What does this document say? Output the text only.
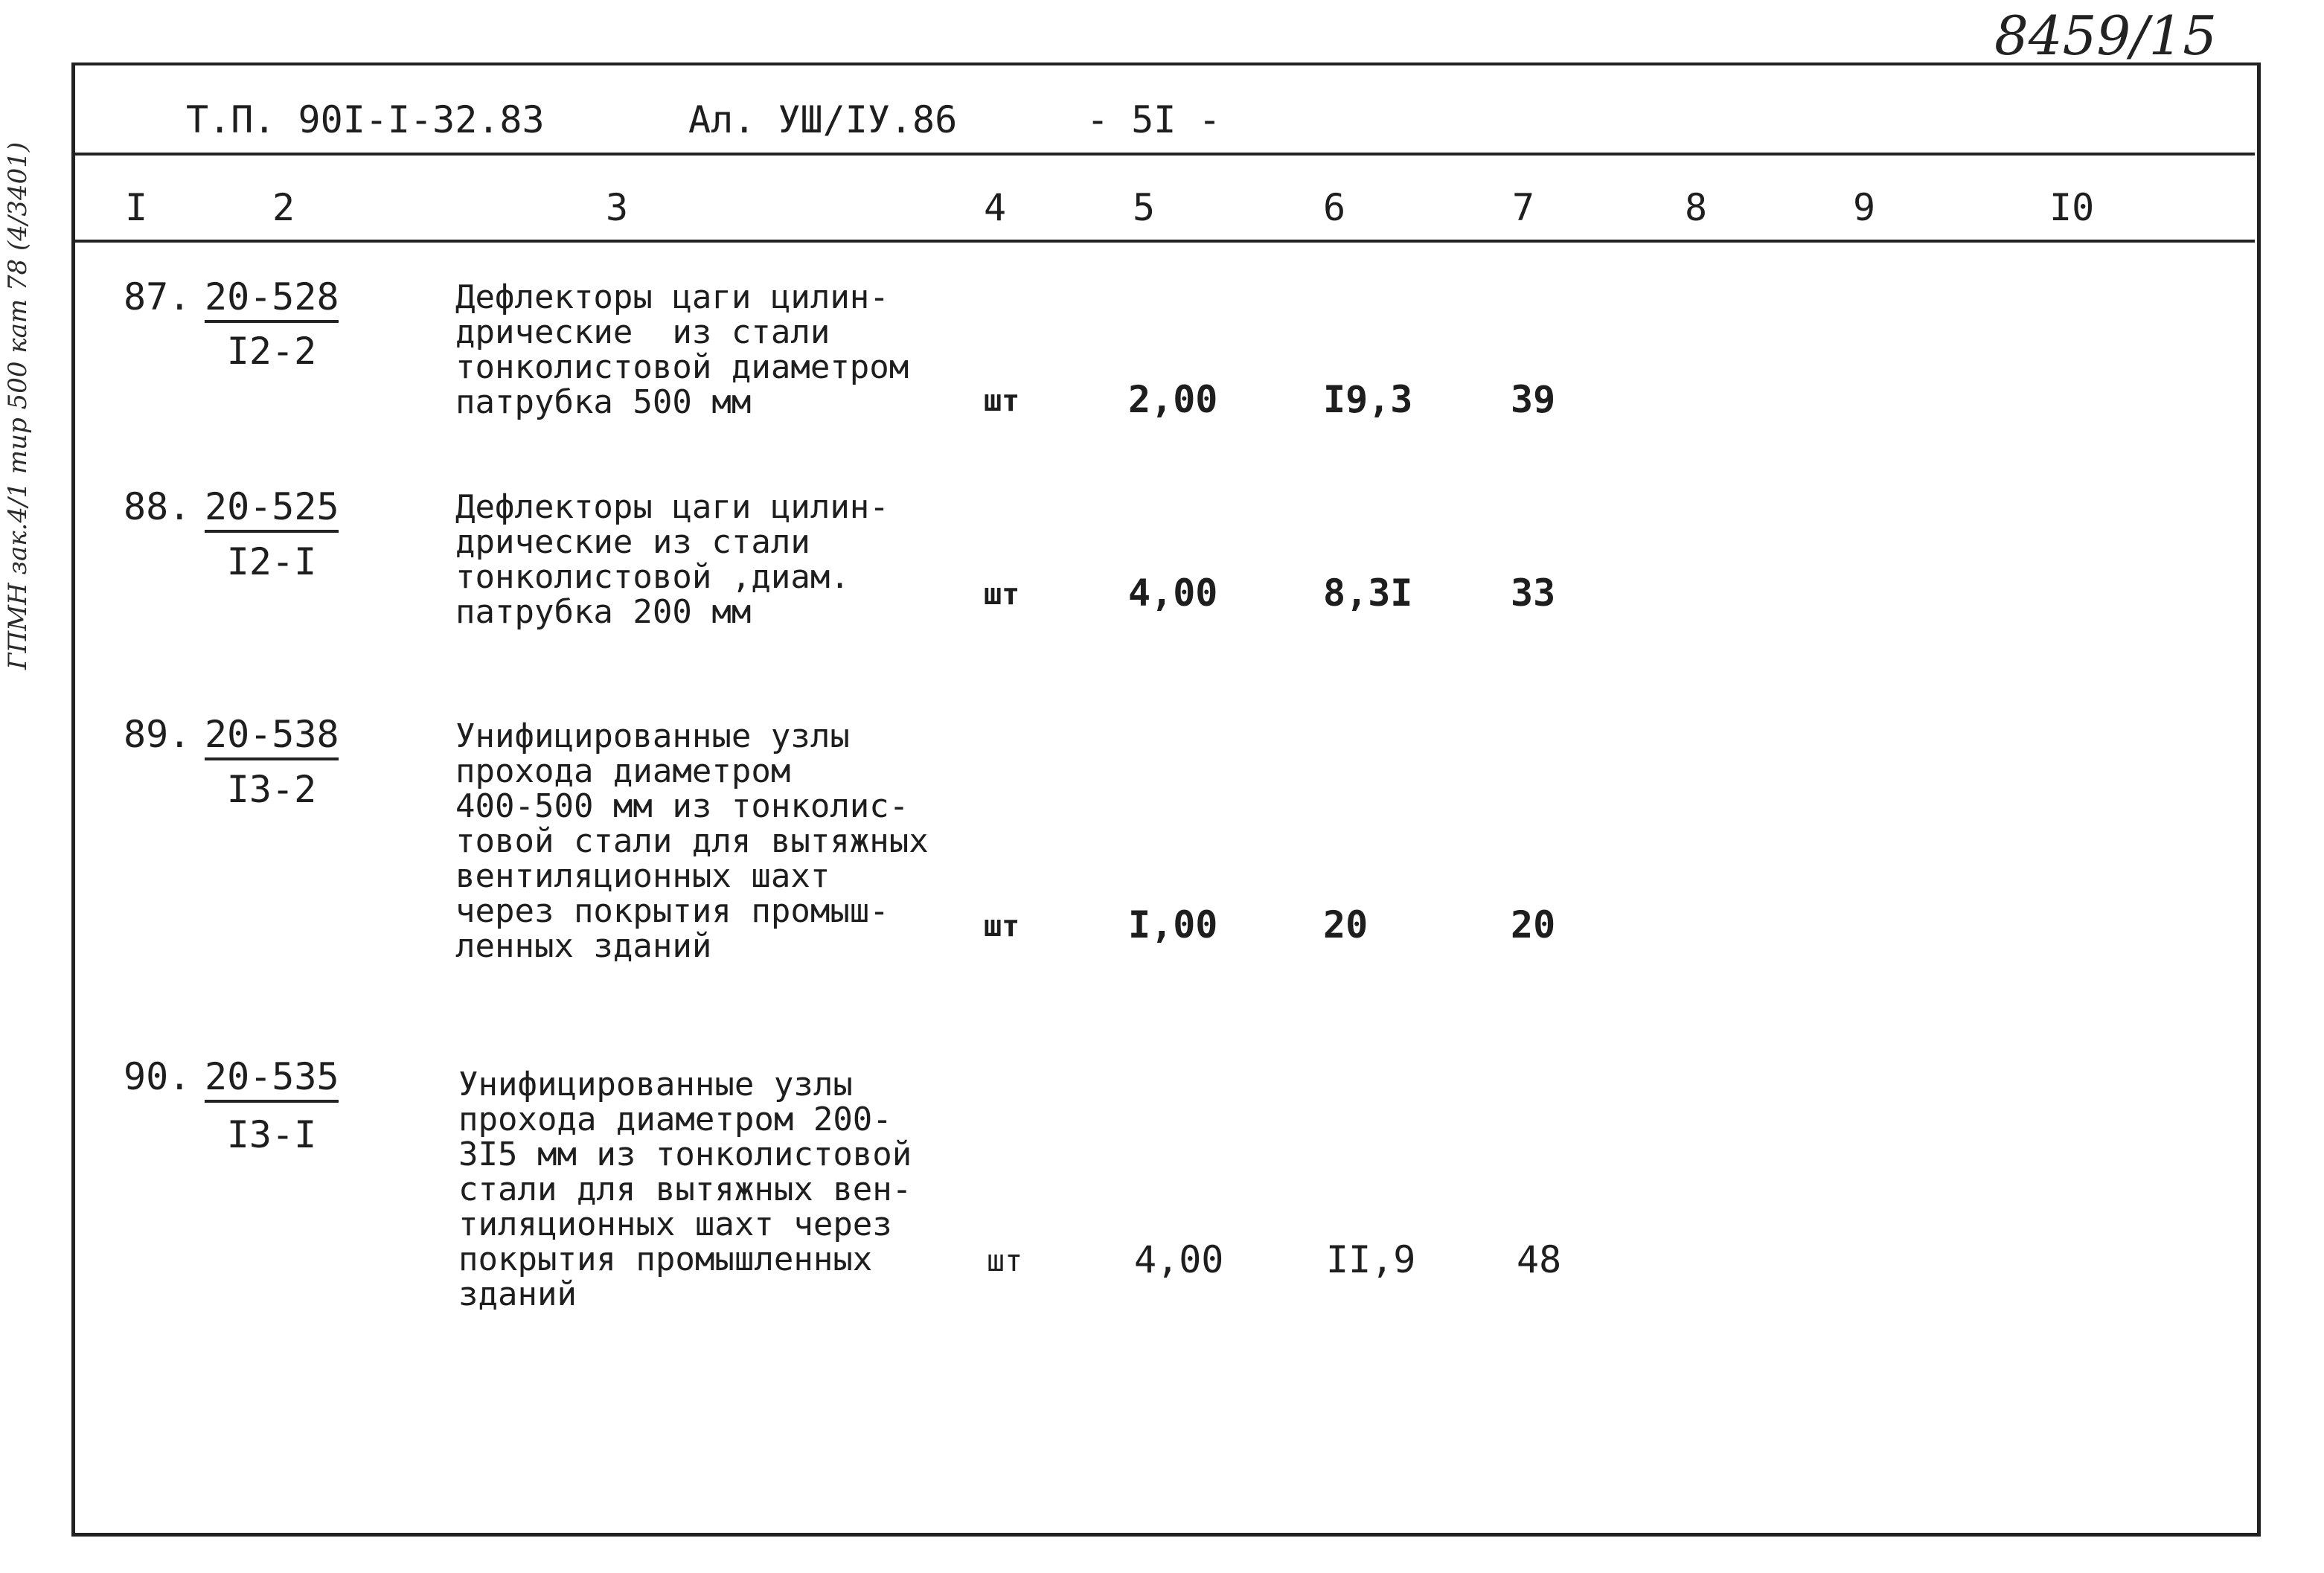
8459/15
ГПМН зак.4/1 тир 500 кат 78 (4/3401)
Т.П. 90I-I-32.83	Ал. УШ/IУ.86	- 5I -
I	2	3	4	5	6	7	8	9	I0
87. 20-528
I2-2
Дефлекторы цаги цилин-
дрические  из стали
тонколистовой диаметром
патрубка 500 мм	шт	2,00	I9,3	39
88. 20-525
I2-I
Дефлекторы цаги цилин-
дрические из стали
тонколистовой ,диам.
патрубка 200 мм	шт	4,00	8,3I	33
89. 20-538
I3-2
Унифицированные узлы
прохода диаметром
400-500 мм из тонколис-
товой стали для вытяжных
вентиляционных шахт
через покрытия промыш-
ленных зданий
шт	I,00	20	20
90. 20-535
I3-I
Унифицированные узлы
прохода диаметром 200-
3I5 мм из тонколистовой
стали для вытяжных вен-
тиляционных шахт через
покрытия промышленных
зданий
шт	4,00	II,9	48
